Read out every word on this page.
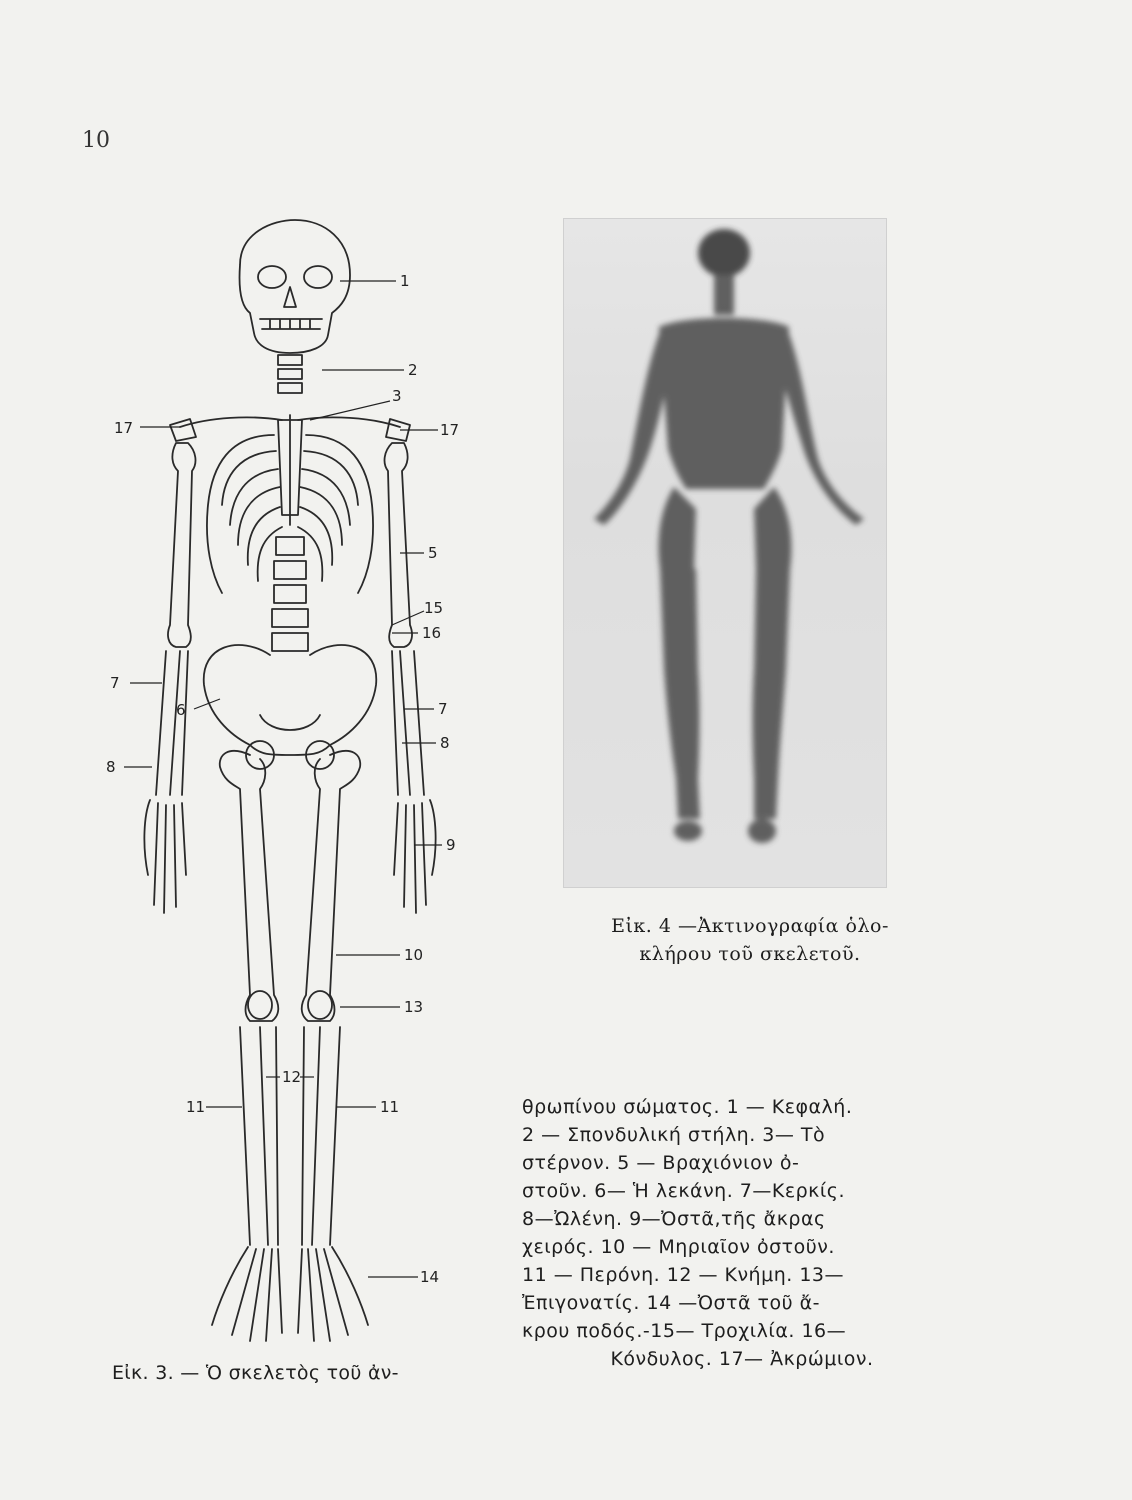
10
1
2
3
17	17
5
15
16
7
6	7
8
8
9
10
13
12
11	11
14
Εἰκ. 3. — Ὁ σκελετὸς τοῦ ἀν-
Εἰκ. 4 —Ἀκτινογραφία ὁλο-
κλήρου τοῦ σκελετοῦ.
θρωπίνου σώματος. 1 — Κεφαλή.
2 — Σπονδυλική στήλη. 3— Τὸ
στέρνον. 5 — Βραχιόνιον ὀ-
στοῦν. 6— Ἡ λεκάνη. 7—Κερκίς.
8—Ὠλένη. 9—Ὀστᾶ,τῆς ἄκρας
χειρός. 10 — Μηριαῖον ὀστοῦν.
11 — Περόνη. 12 — Κνήμη. 13—
Ἐπιγονατίς. 14 —Ὀστᾶ τοῦ ἄ-
κρου ποδός.-15— Τροχιλία. 16—
Κόνδυλος. 17— Ἀκρώμιον.
